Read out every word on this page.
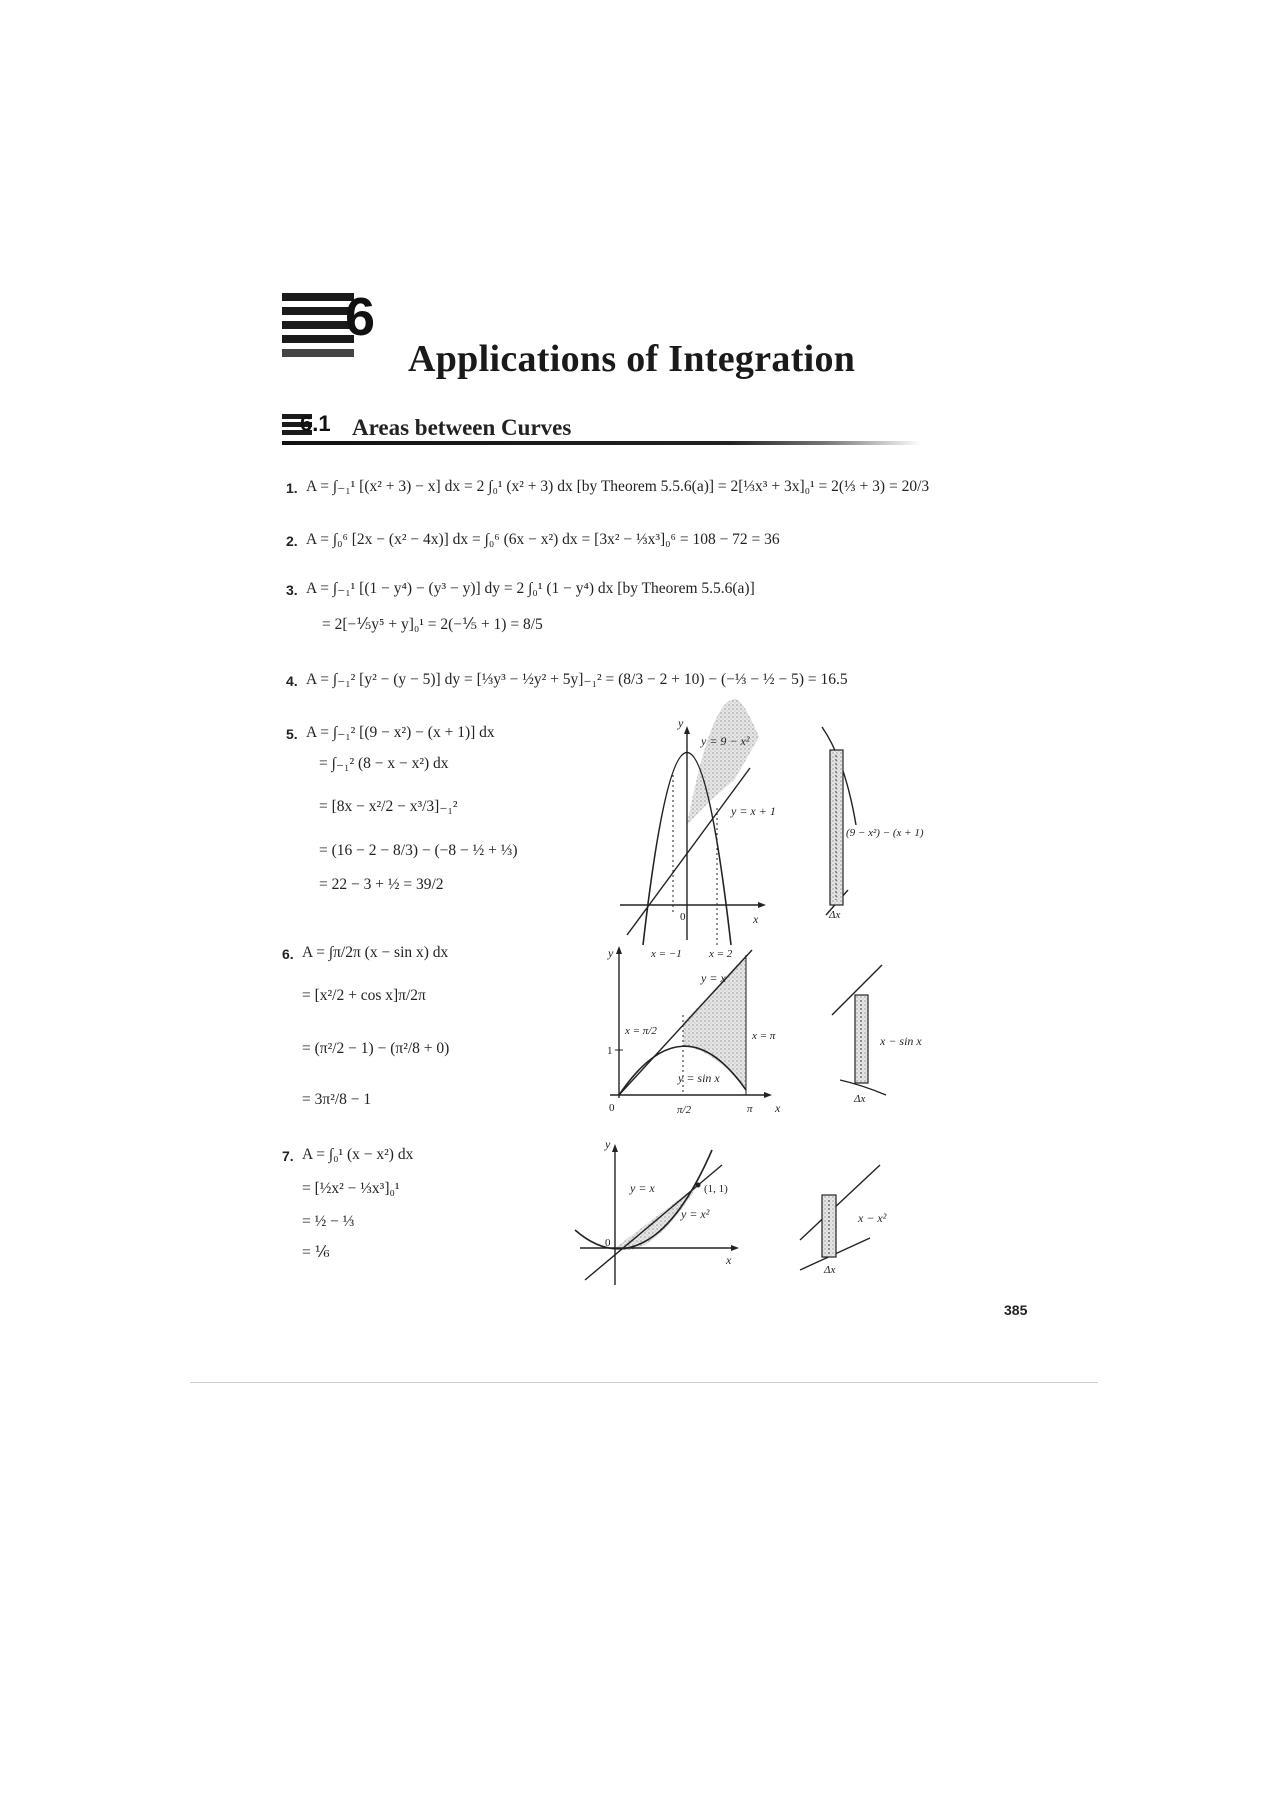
6
Applications of Integration
6.1 Areas between Curves
1. A = ∫₋₁¹ [(x² + 3) − x] dx = 2 ∫₀¹ (x² + 3) dx [by Theorem 5.5.6(a)] = 2[⅓x³ + 3x]₀¹ = 2(⅓ + 3) = 20/3
2. A = ∫₀⁶ [2x − (x² − 4x)] dx = ∫₀⁶ (6x − x²) dx = [3x² − ⅓x³]₀⁶ = 108 − 72 = 36
3. A = ∫₋₁¹ [(1 − y⁴) − (y³ − y)] dy = 2 ∫₀¹ (1 − y⁴) dx [by Theorem 5.5.6(a)]
= 2[−⅕y⁵ + y]₀¹ = 2(−⅕ + 1) = 8/5
4. A = ∫₋₁² [y² − (y − 5)] dy = [⅓y³ − ½y² + 5y]₋₁² = (8/3 − 2 + 10) − (−⅓ − ½ − 5) = 16.5
5. A = ∫₋₁² [(9 − x²) − (x + 1)] dx
= ∫₋₁² (8 − x − x²) dx
= [8x − x²/2 − x³/3]₋₁²
= (16 − 2 − 8/3) − (−8 − ½ + ⅓)
= 22 − 3 + ½ = 39/2
6. A = ∫π/2π (x − sin x) dx
= [x²/2 + cos x]π/2π
= (π²/2 − 1) − (π²/8 + 0)
= 3π²/8 − 1
7. A = ∫₀¹ (x − x²) dx
= [½x² − ⅓x³]₀¹
= ½ − ⅓
= ⅙
y
x
0
y = 9 − x²
y = x + 1
x = −1 x = 2
(9 − x²) − (x + 1)
Δx
y
x
0
1
y = x
y = sin x
x = π/2	x = π
π/2	π
x − sin x
Δx
y
x
0
y = x
y = x²
(1, 1)
x − x²
Δx
385
